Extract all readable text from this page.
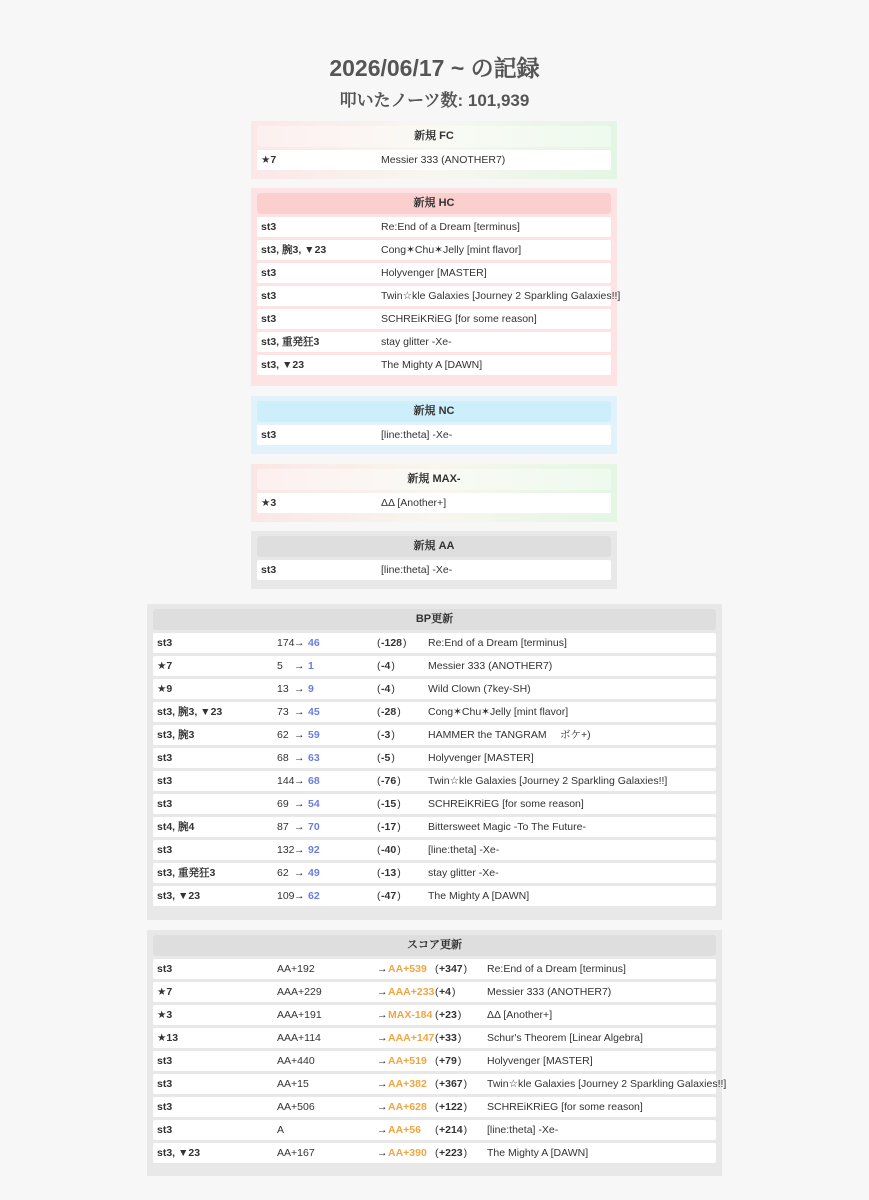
2026/06/17 ~ の記録
叩いたノーツ数: 101,939
新規 FC
★7	Messier 333 (ANOTHER7)
新規 HC
st3	Re:End of a Dream [terminus]
st3, 腕3, ▼23	Cong✶Chu✶Jelly [mint flavor]
st3	Holyvenger [MASTER]
st3	Twin☆kle Galaxies [Journey 2 Sparkling Galaxies!!]
st3	SCHREiKRiEG [for some reason]
st3, 重発狂3	stay glitter -Xe-
st3, ▼23	The Mighty A [DAWN]
新規 NC
st3	[line:theta] -Xe-
新規 MAX-
★3	ΔΔ [Another+]
新規 AA
st3	[line:theta] -Xe-
BP更新
st3	174 → 46	( -128 ) Re:End of a Dream [terminus]
★7	5 → 1	( -4 )	Messier 333 (ANOTHER7)
★9	13 → 9	( -4 )	Wild Clown (7key-SH)
st3, 腕3, ▼23	73 → 45	( -28 )	Cong✶Chu✶Jelly [mint flavor]
st3, 腕3	62 → 59	( -3 )	HAMMER the TANGRAM　 ボケ+)
st3	68 → 63	( -5 )	Holyvenger [MASTER]
st3	144 → 68	( -76 )	Twin☆kle Galaxies [Journey 2 Sparkling Galaxies!!]
st3	69 → 54	( -15 )	SCHREiKRiEG [for some reason]
st4, 腕4	87 → 70	( -17 )	Bittersweet Magic -To The Future-
st3	132 → 92	( -40 )	[line:theta] -Xe-
st3, 重発狂3	62 → 49	( -13 )	stay glitter -Xe-
st3, ▼23	109 → 62	( -47 )	The Mighty A [DAWN]
スコア更新
st3	AA+192	→ AA+539 ( +347 ) Re:End of a Dream [terminus]
★7	AAA+229	→ AAA+233 ( +4 )	Messier 333 (ANOTHER7)
★3	AAA+191	→ MAX-184 ( +23 ) ΔΔ [Another+]
★13	AAA+114	→ AAA+147 ( +33 ) Schur's Theorem [Linear Algebra]
st3	AA+440	→ AA+519 ( +79 ) Holyvenger [MASTER]
st3	AA+15	→ AA+382 ( +367 ) Twin☆kle Galaxies [Journey 2 Sparkling Galaxies!!]
st3	AA+506	→ AA+628 ( +122 ) SCHREiKRiEG [for some reason]
st3	A	→ AA+56 ( +214 ) [line:theta] -Xe-
st3, ▼23	AA+167	→ AA+390 ( +223 ) The Mighty A [DAWN]
